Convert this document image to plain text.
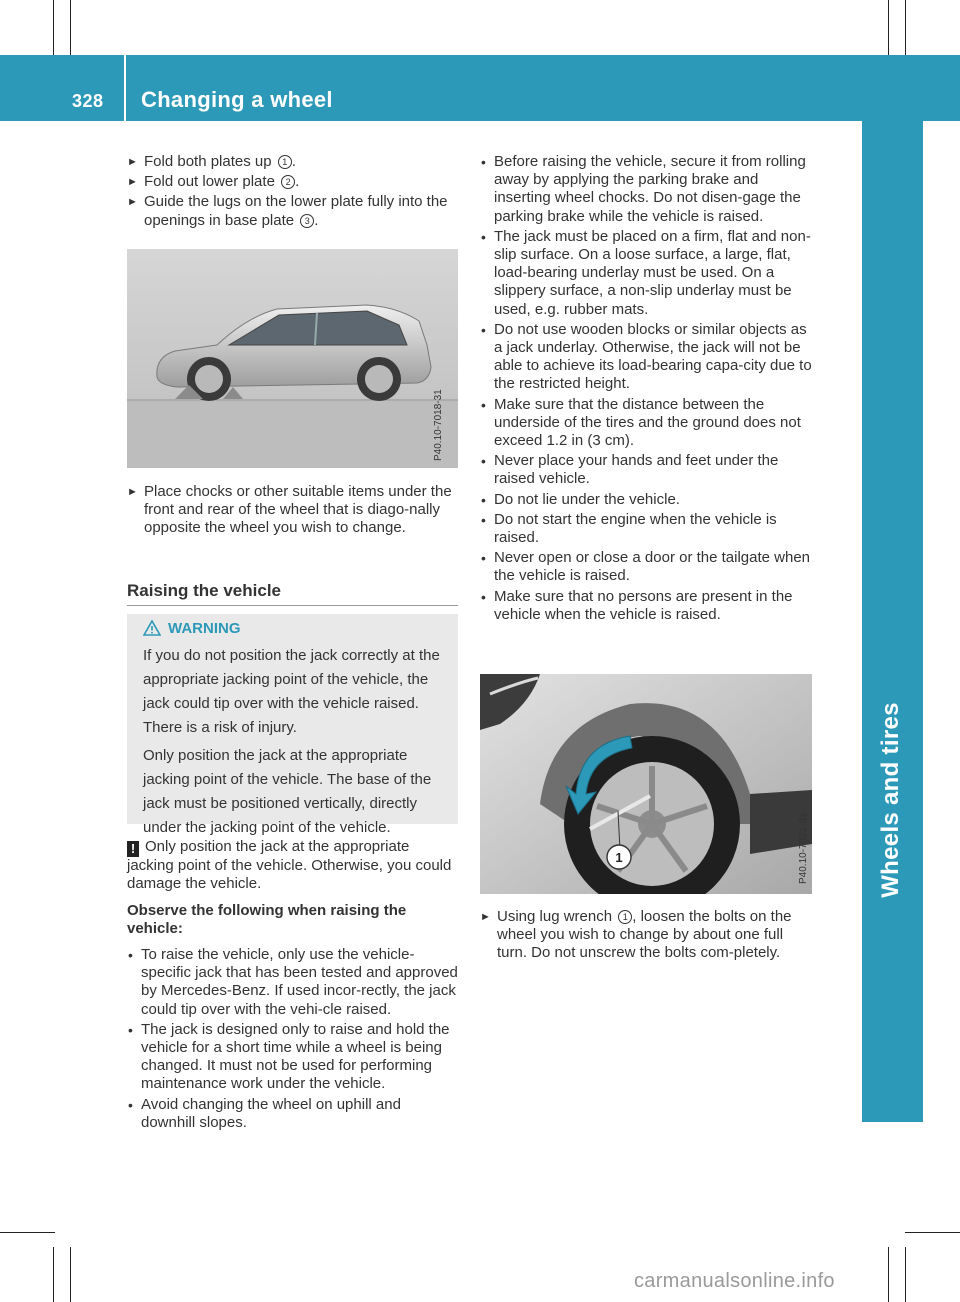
328 Changing a wheel
Wheels and tires
► Fold both plates up 1 .
► Fold out lower plate 2 .
► Guide the lugs on the lower plate fully into the openings in base plate 3 .
P40.10-7018-31
► Place chocks or other suitable items under the front and rear of the wheel that is diago-nally opposite the wheel you wish to change.
Raising the vehicle
WARNING

If you do not position the jack correctly at the appropriate jacking point of the vehicle, the jack could tip over with the vehicle raised. There is a risk of injury.

Only position the jack at the appropriate jacking point of the vehicle. The base of the jack must be positioned vertically, directly under the jacking point of the vehicle.

! Only position the jack at the appropriate jacking point of the vehicle. Otherwise, you could damage the vehicle.
Observe the following when raising the vehicle:
• To raise the vehicle, only use the vehicle-specific jack that has been tested and approved by Mercedes-Benz. If used incor-rectly, the jack could tip over with the vehi-cle raised.
• The jack is designed only to raise and hold the vehicle for a short time while a wheel is being changed. It must not be used for performing maintenance work under the vehicle.
• Avoid changing the wheel on uphill and downhill slopes.
• Before raising the vehicle, secure it from rolling away by applying the parking brake and inserting wheel chocks. Do not disen-gage the parking brake while the vehicle is raised.
• The jack must be placed on a firm, flat and non-slip surface. On a loose surface, a large, flat, load-bearing underlay must be used. On a slippery surface, a non-slip underlay must be used, e.g. rubber mats.
• Do not use wooden blocks or similar objects as a jack underlay. Otherwise, the jack will not be able to achieve its load-bearing capa-city due to the restricted height.
• Make sure that the distance between the underside of the tires and the ground does not exceed 1.2 in (3 cm).
• Never place your hands and feet under the raised vehicle.
• Do not lie under the vehicle.
• Do not start the engine when the vehicle is raised.
• Never open or close a door or the tailgate when the vehicle is raised.
• Make sure that no persons are present in the vehicle when the vehicle is raised.
1	P40.10-7021-31
► Using lug wrench 1 , loosen the bolts on the wheel you wish to change by about one full turn. Do not unscrew the bolts com-pletely.
carmanualsonline.info
